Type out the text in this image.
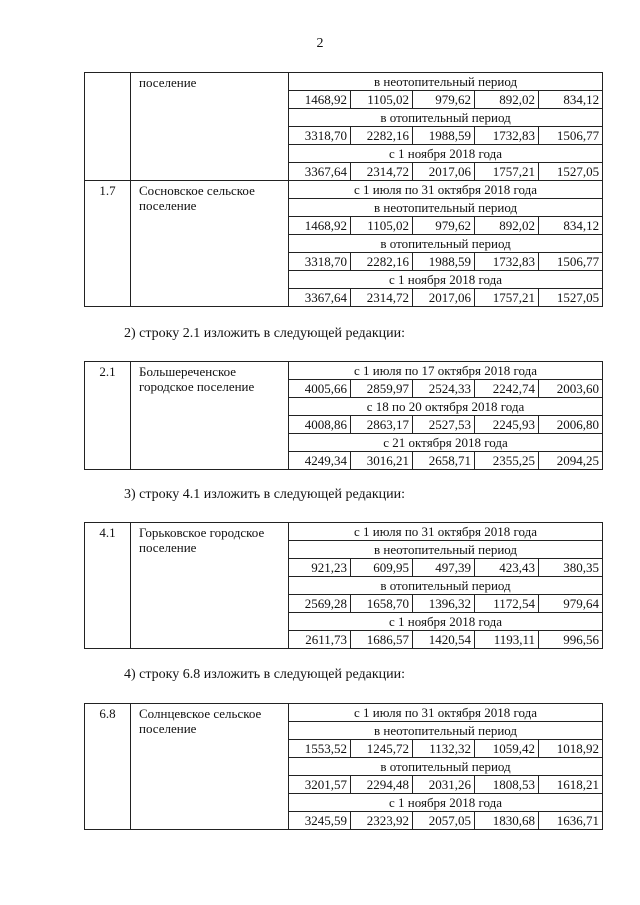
2
	поселение	в неотопительный период				
		1468,92	1105,02	979,62	892,02	834,12
		в отопительный период				
		3318,70	2282,16	1988,59	1732,83	1506,77
		с 1 ноября 2018 года				
		3367,64	2314,72	2017,06	1757,21	1527,05
1.7	Сосновское сельское поселение	с 1 июля по 31 октября 2018 года				
		в неотопительный период				
		1468,92	1105,02	979,62	892,02	834,12
		в отопительный период				
		3318,70	2282,16	1988,59	1732,83	1506,77
		с 1 ноября 2018 года				
		3367,64	2314,72	2017,06	1757,21	1527,05
2) строку 2.1 изложить в следующей редакции:
2.1	Большереченское городское поселение	с 1 июля по 17 октября 2018 года				
		4005,66	2859,97	2524,33	2242,74	2003,60
		с 18 по 20 октября 2018 года				
		4008,86	2863,17	2527,53	2245,93	2006,80
		с 21 октября 2018 года				
		4249,34	3016,21	2658,71	2355,25	2094,25
3) строку 4.1 изложить в следующей редакции:
4.1	Горьковское городское поселение	с 1 июля по 31 октября 2018 года				
		в неотопительный период				
		921,23	609,95	497,39	423,43	380,35
		в отопительный период				
		2569,28	1658,70	1396,32	1172,54	979,64
		с 1 ноября 2018 года				
		2611,73	1686,57	1420,54	1193,11	996,56
4) строку 6.8 изложить в следующей редакции:
6.8	Солнцевское сельское поселение	с 1 июля по 31 октября 2018 года				
		в неотопительный период				
		1553,52	1245,72	1132,32	1059,42	1018,92
		в отопительный период				
		3201,57	2294,48	2031,26	1808,53	1618,21
		с 1 ноября 2018 года				
		3245,59	2323,92	2057,05	1830,68	1636,71
